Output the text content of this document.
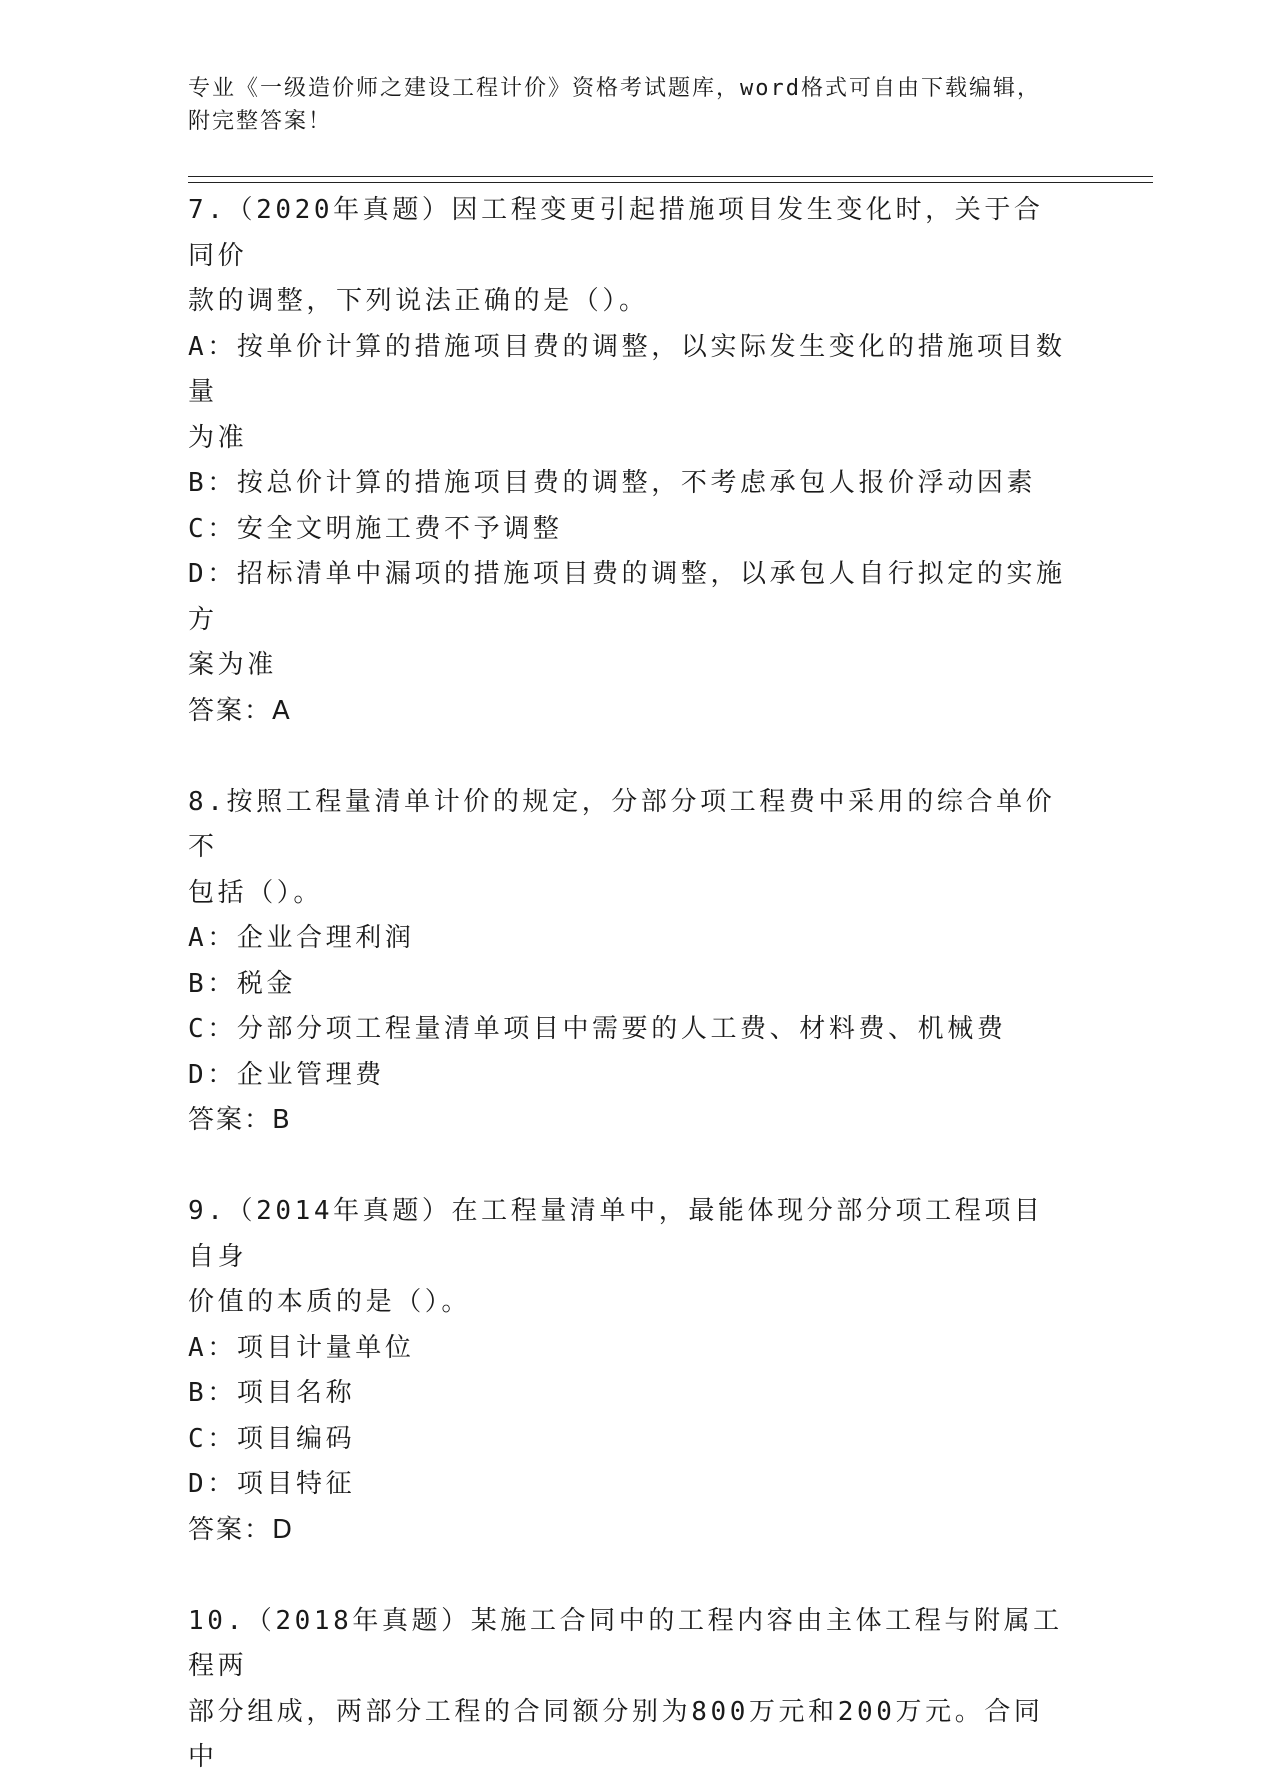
专业《一级造价师之建设工程计价》资格考试题库，word格式可自由下载编辑，
附完整答案！

7.（2020年真题）因工程变更引起措施项目发生变化时，关于合同价

款的调整，下列说法正确的是（）。

A：按单价计算的措施项目费的调整，以实际发生变化的措施项目数量

为准

B：按总价计算的措施项目费的调整，不考虑承包人报价浮动因素

C：安全文明施工费不予调整

D：招标清单中漏项的措施项目费的调整，以承包人自行拟定的实施方

案为准

答案：A

8.按照工程量清单计价的规定，分部分项工程费中采用的综合单价不

包括（）。

A：企业合理利润

B：税金

C：分部分项工程量清单项目中需要的人工费、材料费、机械费

D：企业管理费

答案：B

9.（2014年真题）在工程量清单中，最能体现分部分项工程项目自身

价值的本质的是（）。

A：项目计量单位

B：项目名称

C：项目编码

D：项目特征

答案：D

10.（2018年真题）某施工合同中的工程内容由主体工程与附属工程两

部分组成，两部分工程的合同额分别为800万元和200万元。合同中
